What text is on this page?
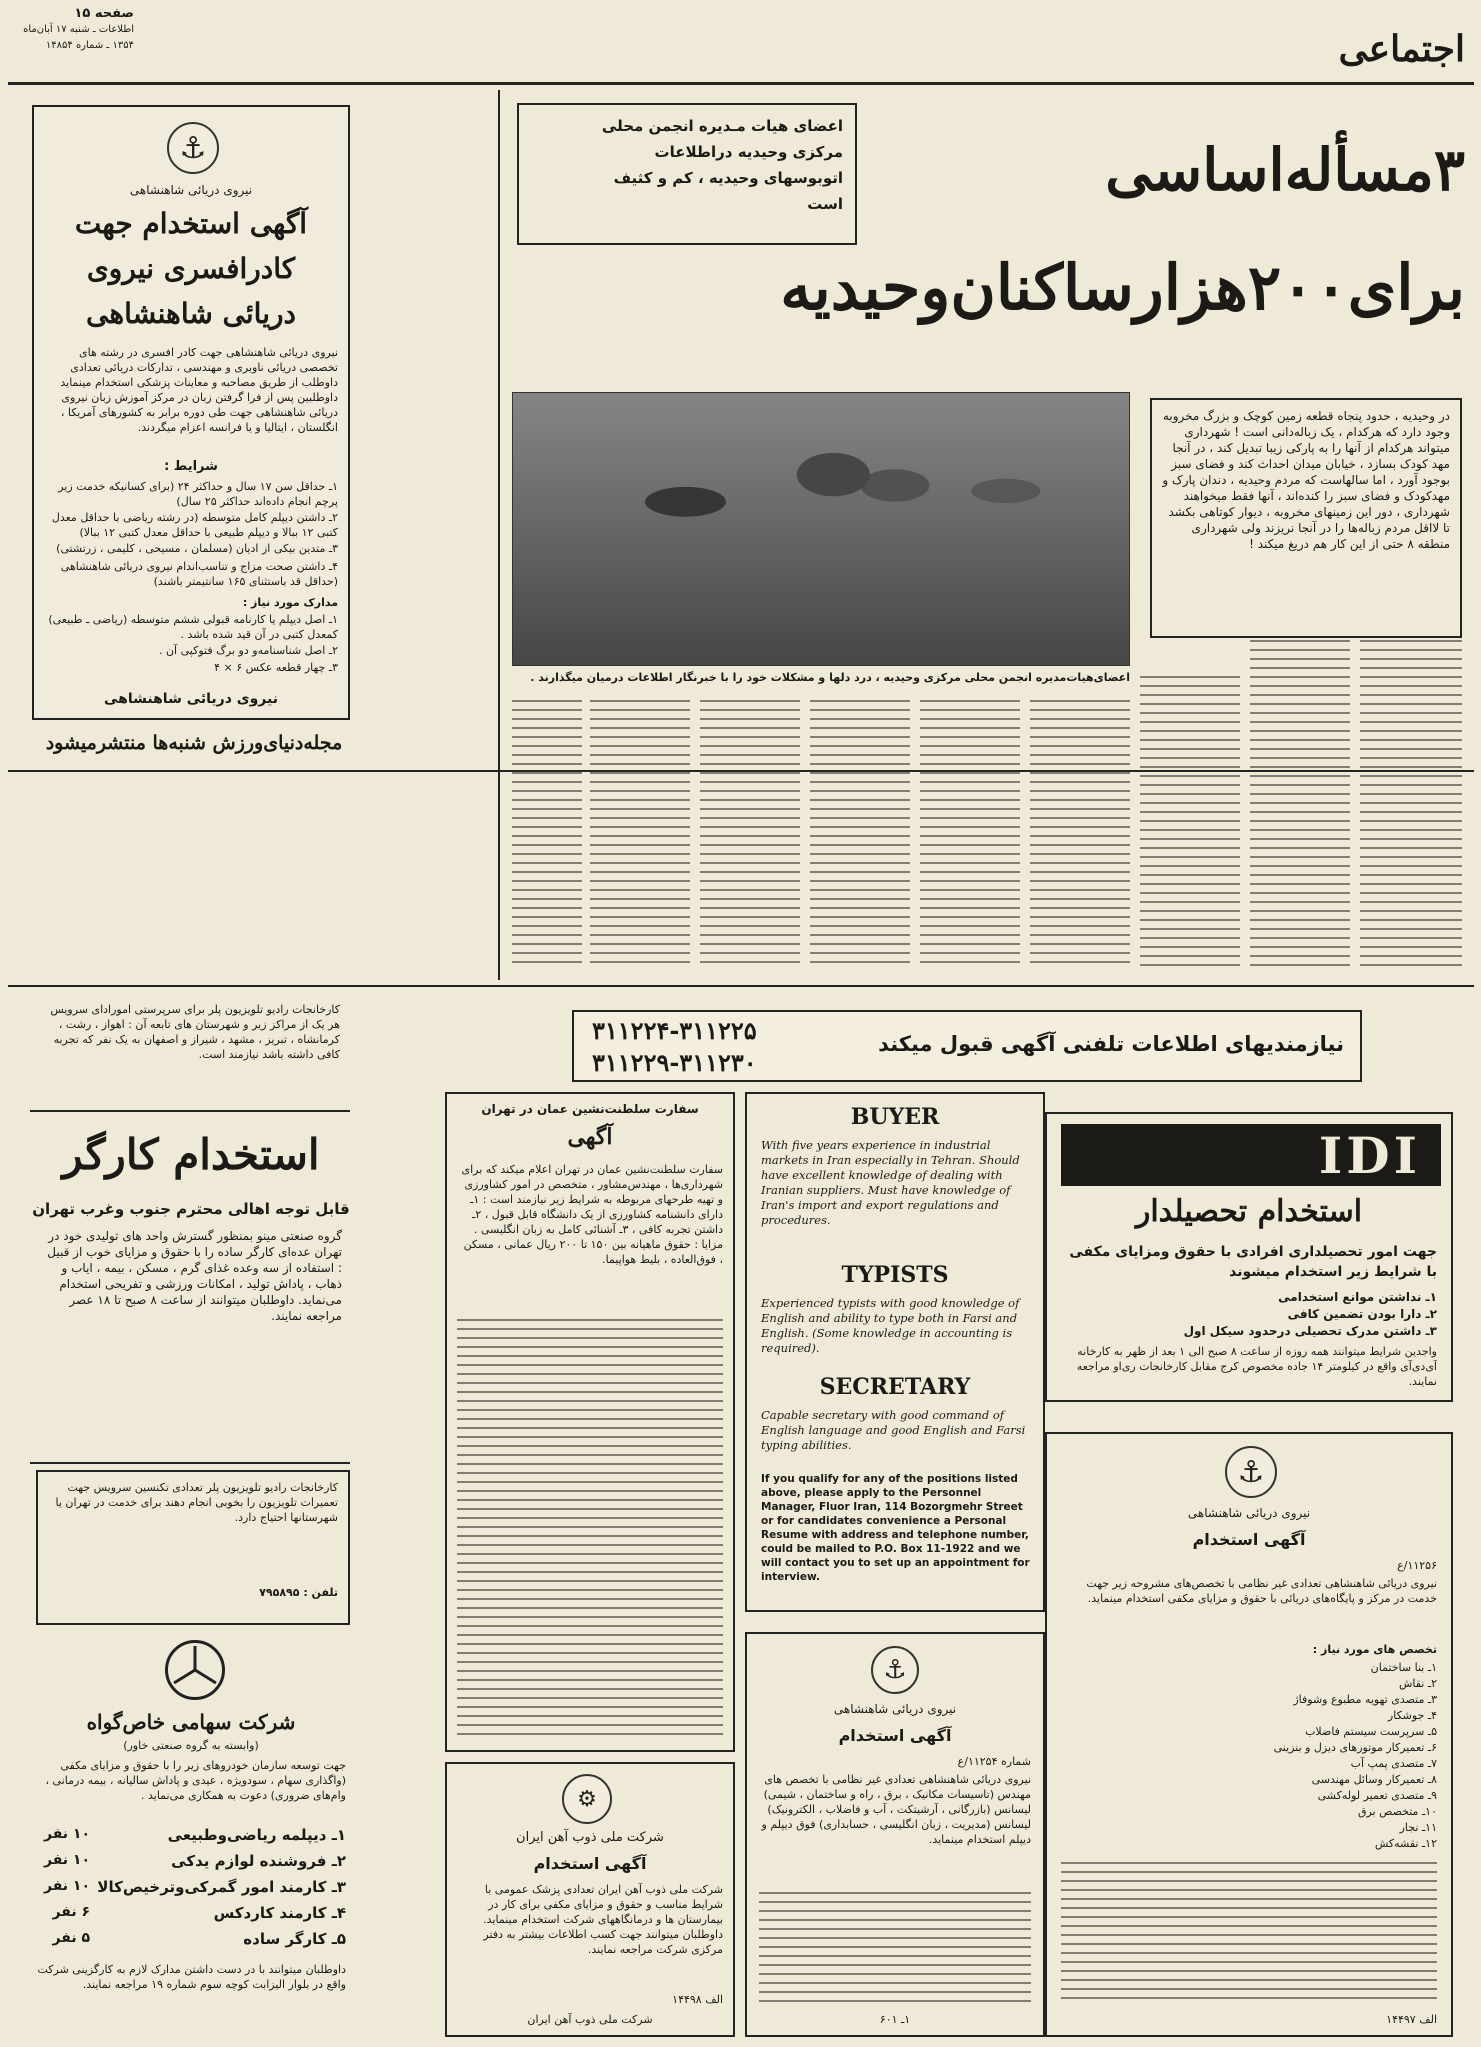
صفحه ۱۵
اطلاعات ـ شنبه ۱۷ آبان‌ماه
۱۳۵۴ ـ شماره ۱۴۸۵۴	اجتماعی
⚓
نیروی دریائی شاهنشاهی
آگهی استخدام جهت
کادرافسری نیروی
دریائی شاهنشاهی
نیروی دریائی شاهنشاهی جهت کادر افسری در رشته های تخصصی دریائی ناوبری و مهندسی ، تدارکات دریائی تعدادی داوطلب از طریق مصاحبه و معاینات پزشکی استخدام مینماید داوطلبین پس از فرا گرفتن زبان در مرکز آموزش زبان نیروی دریائی شاهنشاهی جهت طی دوره برابر به کشورهای آمریکا ، انگلستان ، ایتالیا و یا فرانسه اعزام میگردند.
شرایط :
۱ـ حداقل سن ۱۷ سال و حداکثر ۲۴ (برای کسانیکه خدمت زیر پرچم انجام داده‌اند حداکثر ۲۵ سال)
۲ـ داشتن دیپلم کامل متوسطه (در رشته ریاضی با حداقل معدل کتبی ۱۲ ببالا و دیپلم طبیعی با حداقل معدل کتبی ۱۲ ببالا)
۳ـ متدین بیکی از ادیان (مسلمان ، مسیحی ، کلیمی ، زرتشتی)
۴ـ داشتن صحت مزاج و تناسب‌اندام نیروی دریائی شاهنشاهی (حداقل قد باستثنای ۱۶۵ سانتیمتر باشند)
مدارک مورد نیاز :
۱ـ اصل دیپلم یا کارنامه قبولی ششم متوسطه (ریاضی ـ طبیعی) کمعدل کتبی در آن قید شده باشد .
۲ـ اصل شناسنامه‌و دو برگ فتوکپی آن .
۳ـ چهار قطعه عکس ۶ × ۴
نیروی دریائی شاهنشاهی
مجله‌دنیای‌ورزش شنبه‌ها منتشرمیشود
اعضای هیات مـدیره انجمن محلی
مرکزی وحیدیه دراطلاعات
اتوبوسهای وحیدیه ، کم و کثیف
است	۳مسأله‌اساسی
برای۲۰۰هزارساکنان‌وحیدیه
در وحیدیه ، حدود پنجاه قطعه زمین کوچک و بزرگ مخروبه وجود دارد که هرکدام ، یک زباله‌دانی است ! شهرداری میتواند هرکدام از آنها را به پارکی زیبا تبدیل کند ، در آنجا مهد کودک بسازد ، خیابان میدان احداث کند و فضای سبز بوجود آورد ، اما سالهاست که مردم وحیدیه ، دندان پارک و مهدکودک و فضای سبز را کنده‌اند ، آنها فقط میخواهند شهرداری ، دور این زمینهای مخروبه ، دیوار کوتاهی بکشد تا لااقل مردم زباله‌ها را در آنجا نریزند ولی شهرداری منطقه ۸ حتی از این کار هم دریغ میکند !
اعضای‌هیات‌مدیره انجمن محلی مرکزی وحیدیه ، درد دلها و مشکلات خود را با خبرنگار اطلاعات درمیان میگذارند .
نیازمندیهای اطلاعات تلفنی آگهی قبول میکند
۳۱۱۲۲۴-۳۱۱۲۲۵
۳۱۱۲۲۹-۳۱۱۲۳۰
کارخانجات رادیو تلویزیون پلر برای سرپرستی امورادای سرویس هر یک از مراکز زیر و شهرستان های تابعه آن : اهواز ، رشت ، کرمانشاه ، تبریز ، مشهد ، شیراز و اصفهان به یک نفر که تجربه کافی داشته باشد نیازمند است.
استخدام کارگر
قابل توجه اهالی محترم جنوب وغرب تهران
گروه صنعتی مینو بمنظور گسترش واحد های تولیدی خود در تهران عده‌ای کارگر ساده را با حقوق و مزایای خوب از قبیل : استفاده از سه وعده غذای گرم ، مسکن ، بیمه ، ایاب و ذهاب ، پاداش تولید ، امکانات ورزشی و تفریحی استخدام می‌نماید. داوطلبان میتوانند از ساعت ۸ صبح تا ۱۸ عصر مراجعه نمایند.
کارخانجات رادیو تلویزیون پلر تعدادی تکنسین سرویس جهت تعمیرات تلویزیون را بخوبی انجام دهند برای خدمت در تهران یا شهرستانها احتیاج دارد.
تلفن : ۷۹۵۸۹۵
شرکت سهامی خاص‌گواه
(وابسته به گروه صنعتی خاور)
جهت توسعه سازمان خودروهای زیر را با حقوق و مزایای مکفی (واگذاری سهام ، سودویژه ، عیدی و پاداش سالیانه ، بیمه درمانی ، وام‌های ضروری) دعوت به همکاری می‌نماید .
۱ـ دیپلمه ریاضی‌وطبیعی
۱۰ نفر
۲ـ فروشنده لوازم یدکی
۱۰ نفر
۳ـ کارمند امور گمرکی‌وترخیص‌کالا
۱۰ نفر
۴ـ کارمند کاردکس
۶ نفر
۵ـ کارگر ساده
۵ نفر
داوطلبان میتوانند با در دست داشتن مدارک لازم به کارگزینی شرکت واقع در بلوار الیزابت کوچه سوم شماره ۱۹ مراجعه نمایند.
سفارت سلطنت‌نشین عمان در تهران
آگهی
سفارت سلطنت‌نشین عمان در تهران اعلام میکند که برای شهرداری‌ها ، مهندس‌مشاور ، متخصص در امور کشاورزی و تهیه طرحهای مربوطه به شرایط زیر نیازمند است : ۱ـ دارای دانشنامه کشاورزی از یک دانشگاه قابل قبول ، ۲ـ داشتن تجربه کافی ، ۳ـ آشنائی کامل به زبان انگلیسی . مزایا : حقوق ماهیانه بین ۱۵۰ تا ۲۰۰ ریال عمانی ، مسکن ، فوق‌العاده ، بلیط هواپیما.
⚙
شرکت ملی ذوب آهن ایران
آگهی استخدام
شرکت ملی ذوب آهن ایران تعدادی پزشک عمومی با شرایط مناسب و حقوق و مزایای مکفی برای کار در بیمارستان ها و درمانگاههای شرکت استخدام مینماید. داوطلبان میتوانند جهت کسب اطلاعات بیشتر به دفتر مرکزی شرکت مراجعه نمایند.
الف ۱۴۴۹۸
شرکت ملی ذوب آهن ایران
BUYER
With five years experience in industrial markets in Iran especially in Tehran. Should have excellent knowledge of dealing with Iranian suppliers. Must have knowledge of Iran's import and export regulations and procedures.
TYPISTS
Experienced typists with good knowledge of English and ability to type both in Farsi and English. (Some knowledge in accounting is required).
SECRETARY
Capable secretary with good command of English language and good English and Farsi typing abilities.
If you qualify for any of the positions listed above, please apply to the Personnel Manager, Fluor Iran, 114 Bozorgmehr Street or for candidates convenience a Personal Resume with address and telephone number, could be mailed to P.O. Box 11-1922 and we will contact you to set up an appointment for interview.
⚓
نیروی دریائی شاهنشاهی
آگهی استخدام
شماره ۱۱۲۵۴/ع
نیروی دریائی شاهنشاهی تعدادی غیر نظامی با تخصص های مهندس (تاسیسات مکانیک ، برق ، راه و ساختمان ، شیمی) لیسانس (بازرگانی ، آرشیتکت ، آب و فاضلاب ، الکترونیک) لیسانس (مدیریت ، زبان انگلیسی ، حسابداری) فوق دیپلم و دیپلم استخدام مینماید.
۱ـ ۶۰۱
IDI
استخدام تحصیلدار
جهت امور تحصیلداری افرادی با حقوق ومزایای مکفی با شرایط زیر استخدام میشوند
۱ـ نداشتن موانع استخدامی
۲ـ دارا بودن تضمین کافی
۳ـ داشتن مدرک تحصیلی درحدود سیکل اول
واجدین شرایط میتوانند همه روزه از ساعت ۸ صبح الی ۱ بعد از ظهر به کارخانه آی‌دی‌آی واقع در کیلومتر ۱۴ جاده مخصوص کرج مقابل کارخانجات ری‌او مراجعه نمایند.
⚓
نیروی دریائی شاهنشاهی
آگهی استخدام
۱۱۲۵۶/ع
نیروی دریائی شاهنشاهی تعدادی غیر نظامی با تخصص‌های مشروحه زیر جهت خدمت در مرکز و پایگاه‌های دریائی با حقوق و مزایای مکفی استخدام مینماید.
تخصص های مورد نیاز :
۱ـ بنا ساختمان
۲ـ نقاش
۳ـ متصدی تهویه مطبوع وشوفاژ
۴ـ جوشکار
۵ـ سرپرست سیستم فاضلاب
۶ـ تعمیرکار موتورهای دیزل و بنزینی
۷ـ متصدی پمپ آب
۸ـ تعمیرکار وسائل مهندسی
۹ـ متصدی تعمیر لوله‌کشی
۱۰ـ متخصص برق
۱۱ـ نجار
۱۲ـ نقشه‌کش
الف ۱۴۴۹۷
